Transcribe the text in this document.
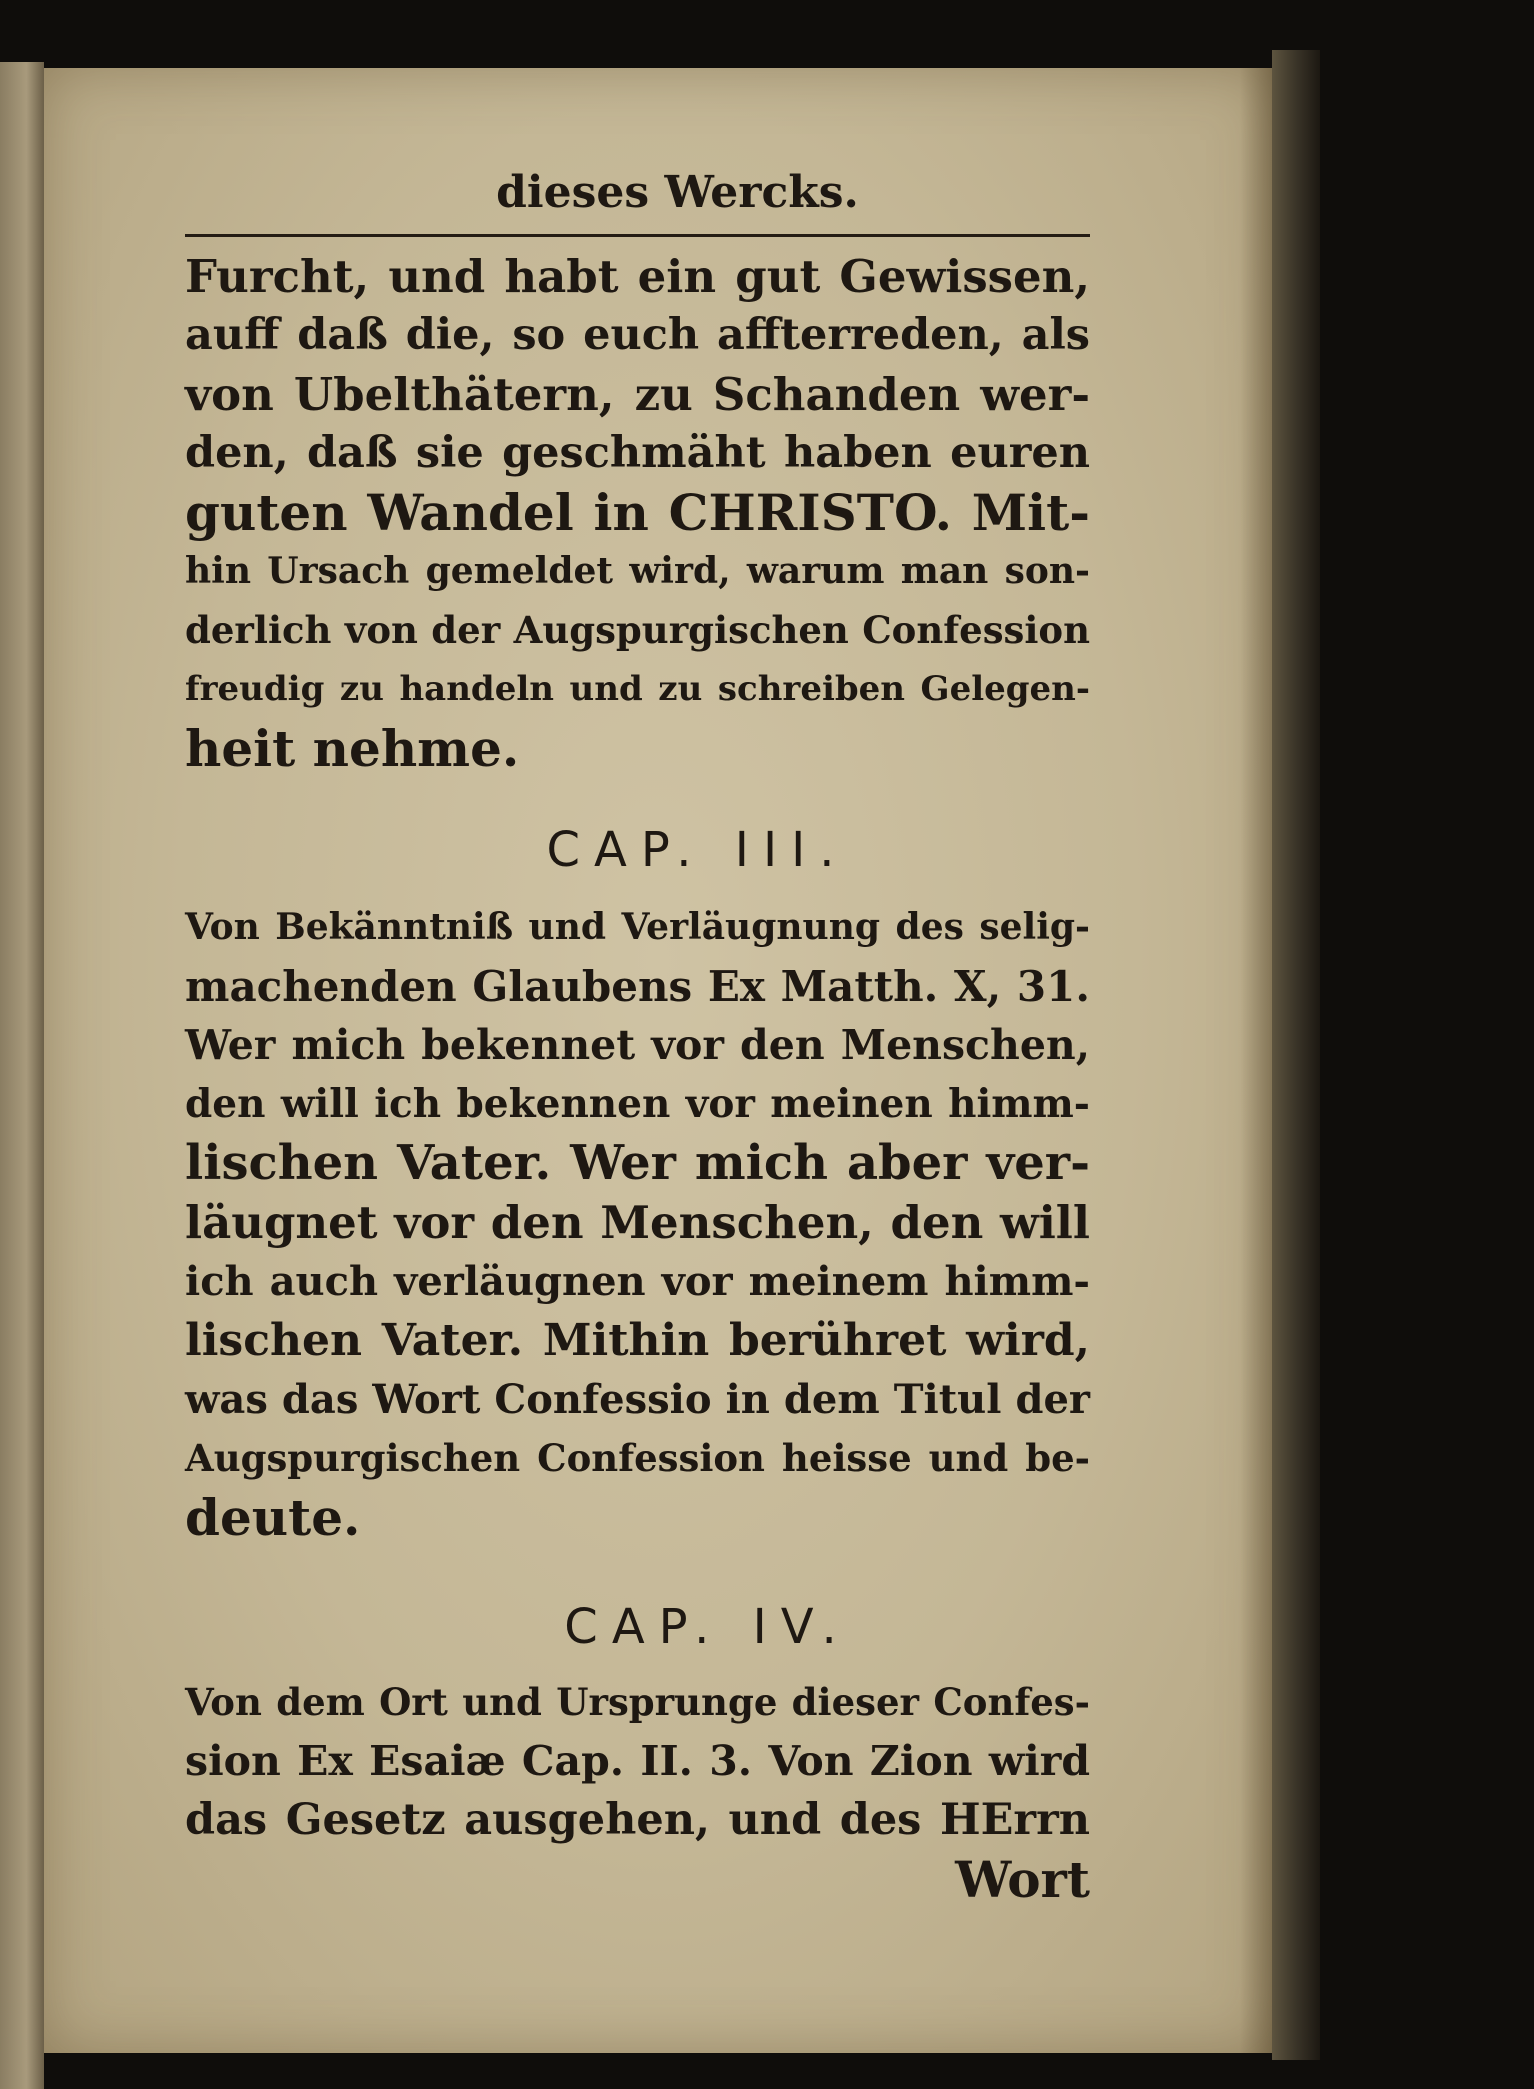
dieses Wercks.

Furcht, und habt ein gut Gewissen,

auff daß die, so euch affterreden, als

von Ubelthätern, zu Schanden wer-

den, daß sie geschmäht haben euren

guten Wandel in CHRISTO. Mit-

hin Ursach gemeldet wird, warum man son-

derlich von der Augspurgischen Confession

freudig zu handeln und zu schreiben Gelegen-

heit nehme.

CAP. III.

Von Bekänntniß und Verläugnung des selig-

machenden Glaubens Ex Matth. X, 31.

Wer mich bekennet vor den Menschen,

den will ich bekennen vor meinen himm-

lischen Vater. Wer mich aber ver-

läugnet vor den Menschen, den will

ich auch verläugnen vor meinem himm-

lischen Vater. Mithin berühret wird,

was das Wort Confessio in dem Titul der

Augspurgischen Confession heisse und be-

deute.

CAP. IV.

Von dem Ort und Ursprunge dieser Confes-

sion Ex Esaiæ Cap. II. 3. Von Zion wird

das Gesetz ausgehen, und des HErrn

Wort
